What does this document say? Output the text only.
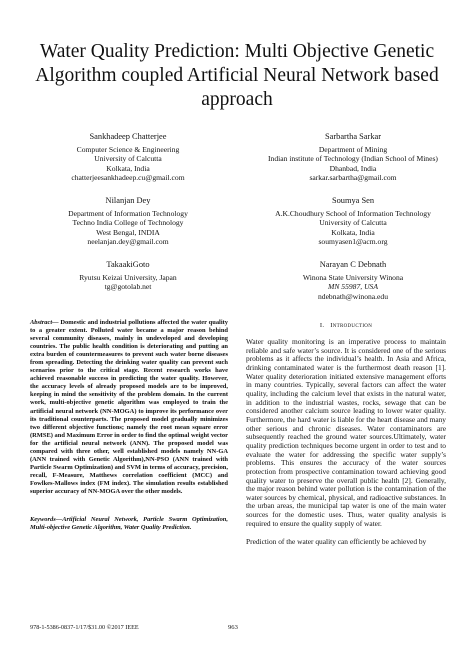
Water Quality Prediction: Multi Objective Genetic Algorithm coupled Artificial Neural Network based approach
Sankhadeep Chatterjee
Computer Science & Engineering
University of Calcutta
Kolkata, India
chatterjeesankhadeep.cu@gmail.com
Sarbartha Sarkar
Department of Mining
Indian institute of Technology (Indian School of Mines)
Dhanbad, India
sarkar.sarbartha@gmail.com
Nilanjan Dey
Department of Information Technology
Techno India College of Technology
West Bengal, INDIA
neelanjan.dey@gmail.com
Soumya Sen
A.K.Choudhury School of Information Technology
University of Calcutta
Kolkata, India
soumyasen1@acm.org
TakaakiGoto
Ryutsu Keizai University, Japan
tg@gotolab.net
Narayan C Debnath
Winona State University Winona
MN 55987, USA
ndebnath@winona.edu
Abstract— Domestic and industrial pollutions affected the water quality to a greater extent. Polluted water became a major reason behind several community diseases, mainly in undeveloped and developing countries. The public health condition is deteriorating and putting an extra burden of countermeasures to prevent such water borne diseases from spreading. Detecting the drinking water quality can prevent such scenarios prior to the critical stage. Recent research works have achieved reasonable success in predicting the water quality. However, the accuracy levels of already proposed models are to be improved, keeping in mind the sensitivity of the problem domain. In the current work, multi-objective genetic algorithm was employed to train the artificial neural network (NN-MOGA) to improve its performance over its traditional counterparts. The proposed model gradually minimizes two different objective functions; namely the root mean square error (RMSE) and Maximum Error in order to find the optimal weight vector for the artificial neural network (ANN). The proposed model was compared with three other, well established models namely NN-GA (ANN trained with Genetic Algorithm),NN-PSO (ANN trained with Particle Swarm Optimization) and SVM in terms of accuracy, precision, recall, F-Measure, Matthews correlation coefficient (MCC) and Fowlkes-Mallows index (FM index). The simulation results established superior accuracy of NN-MOGA over the other models.
Keywords—Artificial Neural Network, Particle Swarm Optimization, Multi-objective Genetic Algorithm, Water Quality Prediction.
I. Introduction

Water quality monitoring is an imperative process to maintain reliable and safe water’s source. It is considered one of the serious problems as it affects the individual’s health. In Asia and Africa, drinking contaminated water is the furthermost death reason [1]. Water quality deterioration initiated extensive management efforts in many countries. Typically, several factors can affect the water quality, including the calcium level that exists in the natural water, in addition to the industrial wastes, rocks, sewage that can be considered another calcium source leading to lower water quality. Furthermore, the hard water is liable for the heart disease and many other serious and chronic diseases. Water contaminators are subsequently reached the ground water sources.Ultimately, water quality prediction techniques become urgent in order to test and to evaluate the water for addressing the specific water supply’s problems. This ensures the accuracy of the water sources protection from prospective contamination toward achieving good quality water to preserve the overall public health [2]. Generally, the major reason behind water pollution is the contamination of the water sources by chemical, physical, and radioactive substances. In the urban areas, the municipal tap water is one of the main water sources for the domestic uses. Thus, water quality analysis is required to ensure the quality supply of water.

Prediction of the water quality can efficiently be achieved by

978-1-5386-0837-1/17/$31.00 ©2017 IEEE	963
